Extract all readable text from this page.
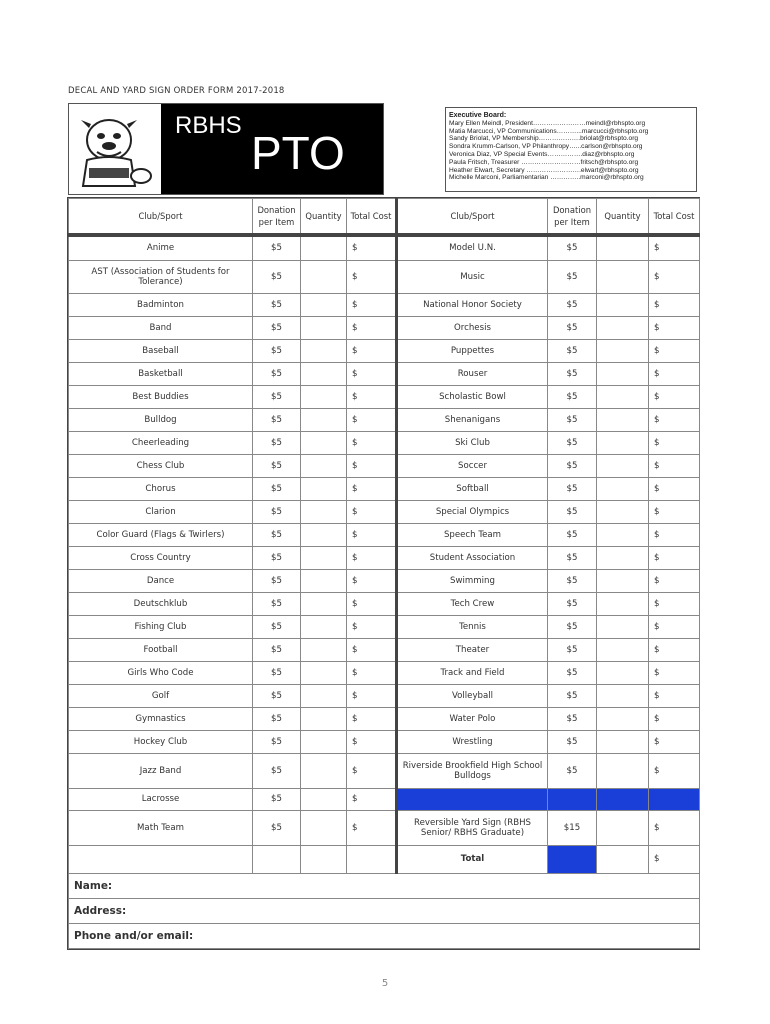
DECAL AND YARD SIGN ORDER FORM 2017-2018
RBHS
PTO
Executive Board:
Mary Ellen Meindl, President……………………meindl@rbhspto.org
Matia Marcucci, VP Communications………...marcucci@rbhspto.org
Sandy Briolat, VP Membership……………….briolat@rbhspto.org
Sondra Krumm-Carlson, VP Philanthropy…...carlson@rbhspto.org
Veronica Diaz, VP Special Events…………….diaz@rbhspto.org
Paula Fritsch, Treasurer ………………………fritsch@rbhspto.org
Heather Elwart, Secretary …………………….elwart@rbhspto.org
Michelle Marconi, Parliamentarian …………..marconi@rbhspto.org
Club/Sport	Donation per Item	Quantity	Total Cost	Club/Sport	Donation per Item	Quantity	Total Cost
Anime	$5		$	Model U.N.	$5		$
AST (Association of Students for Tolerance)	$5		$	Music	$5		$
Badminton	$5		$	National Honor Society	$5		$
Band	$5		$	Orchesis	$5		$
Baseball	$5		$	Puppettes	$5		$
Basketball	$5		$	Rouser	$5		$
Best Buddies	$5		$	Scholastic Bowl	$5		$
Bulldog	$5		$	Shenanigans	$5		$
Cheerleading	$5		$	Ski Club	$5		$
Chess Club	$5		$	Soccer	$5		$
Chorus	$5		$	Softball	$5		$
Clarion	$5		$	Special Olympics	$5		$
Color Guard (Flags & Twirlers)	$5		$	Speech Team	$5		$
Cross Country	$5		$	Student Association	$5		$
Dance	$5		$	Swimming	$5		$
Deutschklub	$5		$	Tech Crew	$5		$
Fishing Club	$5		$	Tennis	$5		$
Football	$5		$	Theater	$5		$
Girls Who Code	$5		$	Track and Field	$5		$
Golf	$5		$	Volleyball	$5		$
Gymnastics	$5		$	Water Polo	$5		$
Hockey Club	$5		$	Wrestling	$5		$
Jazz Band	$5		$	Riverside Brookfield High School Bulldogs	$5		$
Lacrosse	$5		$				
Math Team	$5		$	Reversible Yard Sign (RBHS Senior/ RBHS Graduate)	$15		$
				Total			$
Name:							
Address:							
Phone and/or email:							
5
